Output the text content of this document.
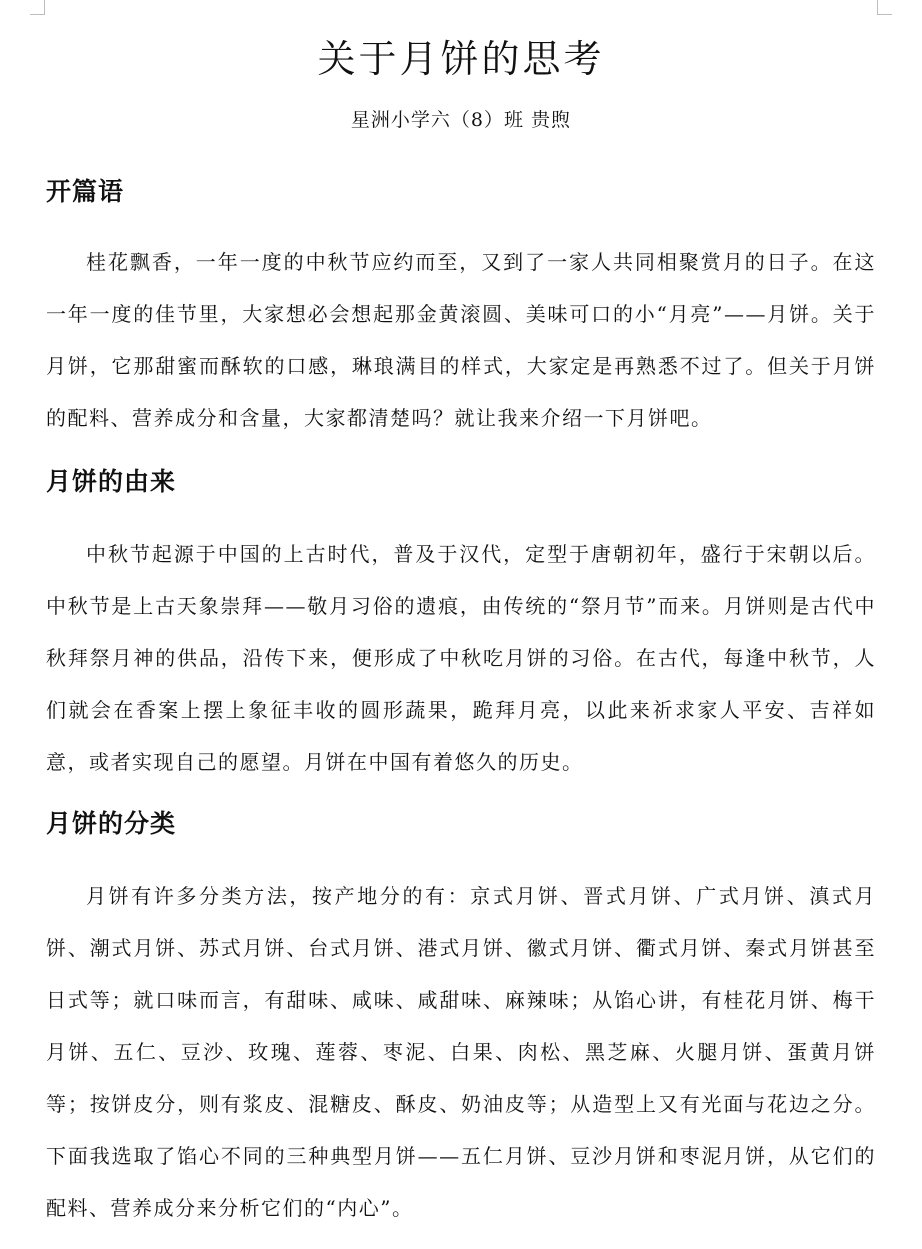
关于月饼的思考

星洲小学六（8）班 贵煦

开篇语

桂花飘香，一年一度的中秋节应约而至，又到了一家人共同相聚赏月的日子。在这一年一度的佳节里，大家想必会想起那金黄滚圆、美味可口的小“月亮”——月饼。关于月饼，它那甜蜜而酥软的口感，琳琅满目的样式，大家定是再熟悉不过了。但关于月饼的配料、营养成分和含量，大家都清楚吗？就让我来介绍一下月饼吧。

月饼的由来

中秋节起源于中国的上古时代，普及于汉代，定型于唐朝初年，盛行于宋朝以后。中秋节是上古天象崇拜——敬月习俗的遗痕，由传统的“祭月节”而来。月饼则是古代中秋拜祭月神的供品，沿传下来，便形成了中秋吃月饼的习俗。在古代，每逢中秋节，人们就会在香案上摆上象征丰收的圆形蔬果，跪拜月亮，以此来祈求家人平安、吉祥如意，或者实现自己的愿望。月饼在中国有着悠久的历史。

月饼的分类

月饼有许多分类方法，按产地分的有：京式月饼、晋式月饼、广式月饼、滇式月饼、潮式月饼、苏式月饼、台式月饼、港式月饼、徽式月饼、衢式月饼、秦式月饼甚至日式等；就口味而言，有甜味、咸味、咸甜味、麻辣味；从馅心讲，有桂花月饼、梅干月饼、五仁、豆沙、玫瑰、莲蓉、枣泥、白果、肉松、黑芝麻、火腿月饼、蛋黄月饼等；按饼皮分，则有浆皮、混糖皮、酥皮、奶油皮等；从造型上又有光面与花边之分。下面我选取了馅心不同的三种典型月饼——五仁月饼、豆沙月饼和枣泥月饼，从它们的配料、营养成分来分析它们的“内心”。
